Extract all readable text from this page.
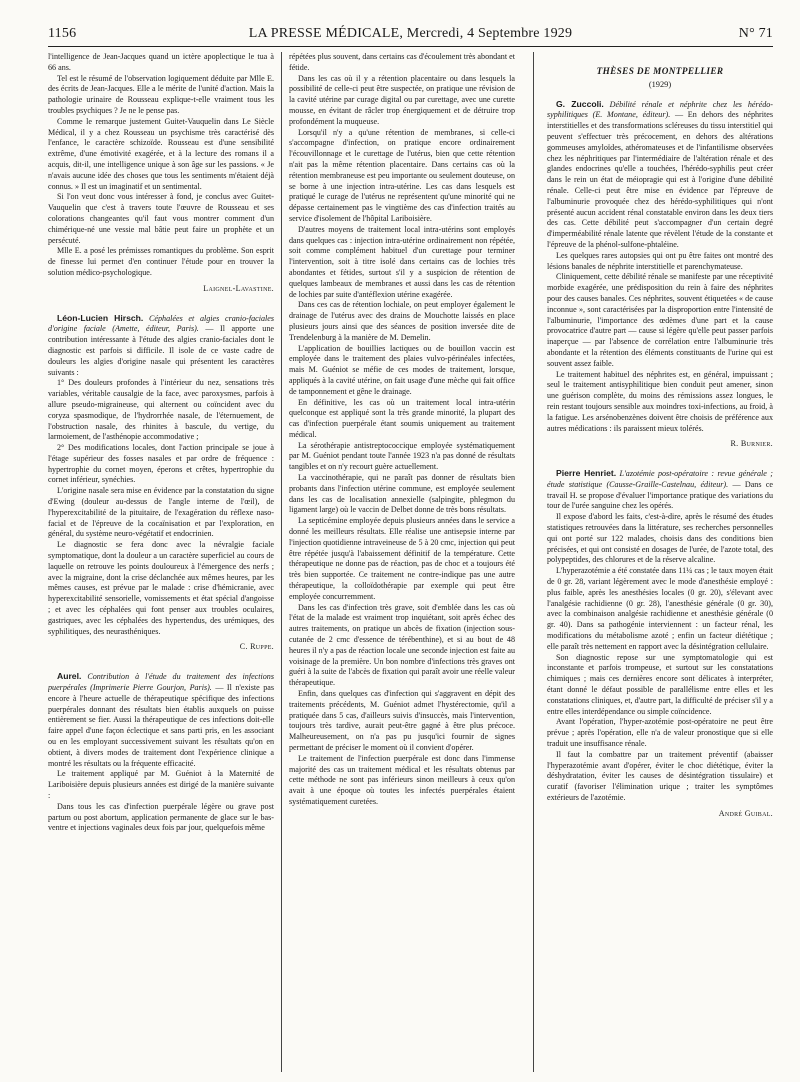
1156	LA PRESSE MÉDICALE, Mercredi, 4 Septembre 1929	N° 71

l'intelligence de Jean-Jacques quand un ictère apoplectique le tua à 66 ans.

Tel est le résumé de l'observation logiquement déduite par Mlle E. des écrits de Jean-Jacques. Elle a le mérite de l'unité d'action. Mais la pathologie urinaire de Rousseau explique-t-elle vraiment tous les troubles psychiques ? Je ne le pense pas.

Comme le remarque justement Guitet-Vauquelin dans Le Siècle Médical, il y a chez Rousseau un psychisme très caractérisé dès l'enfance, le caractère schizoïde. Rousseau est d'une sensibilité extrême, d'une émotivité exagérée, et à la lecture des romans il a acquis, dit-il, une intelligence unique à son âge sur les passions. « Je n'avais aucune idée des choses que tous les sentiments m'étaient déjà connus. » Il est un imaginatif et un sentimental.

Si l'on veut donc vous intéresser à fond, je conclus avec Guitet-Vauquelin que c'est à travers toute l'œuvre de Rousseau et ses colorations changeantes qu'il faut vous montrer comment d'un chimérique-né une vessie mal bâtie peut faire un prophète et un persécuté.

Mlle E. a posé les prémisses romantiques du problème. Son esprit de finesse lui permet d'en continuer l'étude pour en trouver la solution médico-psychologique.

Laignel-Lavastine.

Léon-Lucien Hirsch. Céphalées et algies cranio-faciales d'origine faciale (Amette, éditeur, Paris). — Il apporte une contribution intéressante à l'étude des algies cranio-faciales dont le diagnostic est parfois si difficile. Il isole de ce vaste cadre de douleurs les algies d'origine nasale qui présentent les caractères suivants :

1° Des douleurs profondes à l'intérieur du nez, sensations très variables, véritable causalgie de la face, avec paroxysmes, parfois à allure pseudo-migraineuse, qui alternent ou coïncident avec du coryza spasmodique, de l'hydrorrhée nasale, de l'éternuement, de l'obstruction nasale, des rhinites à bascule, du vertige, du larmoiement, de l'asthénopie accommodative ;

2° Des modifications locales, dont l'action principale se joue à l'étage supérieur des fosses nasales et par ordre de fréquence : hypertrophie du cornet moyen, éperons et crêtes, hypertrophie du cornet inférieur, synéchies.

L'origine nasale sera mise en évidence par la constatation du signe d'Ewing (douleur au-dessus de l'angle interne de l'œil), de l'hyperexcitabilité de la pituitaire, de l'exagération du réflexe naso-facial et de l'épreuve de la cocaïnisation et par l'exploration, en général, du système neuro-végétatif et endocrinien.

Le diagnostic se fera donc avec la névralgie faciale symptomatique, dont la douleur a un caractère superficiel au cours de laquelle on retrouve les points douloureux à l'émergence des nerfs ; avec la migraine, dont la crise déclanchée aux mêmes heures, par les mêmes causes, est prévue par le malade : crise d'hémicranie, avec hyperexcitabilité sensorielle, vomissements et état spécial d'angoisse ; et avec les céphalées qui font penser aux troubles oculaires, gastriques, avec les céphalées des hypertendus, des urémiques, des syphilitiques, des neurasthéniques.

C. Ruppe.

Aurel. Contribution à l'étude du traitement des infections puerpérales (Imprimerie Pierre Gourjon, Paris). — Il n'existe pas encore à l'heure actuelle de thérapeutique spécifique des infections puerpérales donnant des résultats bien établis auxquels on puisse entièrement se fier. Aussi la thérapeutique de ces infections doit-elle faire appel d'une façon éclectique et sans parti pris, en les associant ou en les employant successivement suivant les résultats qu'on en obtient, à divers modes de traitement dont l'expérience clinique a montré les résultats ou la fréquente efficacité.

Le traitement appliqué par M. Guéniot à la Maternité de Lariboisière depuis plusieurs années est dirigé de la manière suivante :

Dans tous les cas d'infection puerpérale légère ou grave post partum ou post abortum, application permanente de glace sur le bas-ventre et injections vaginales deux fois par jour, quelquefois même

répétées plus souvent, dans certains cas d'écoulement très abondant et fétide.

Dans les cas où il y a rétention placentaire ou dans lesquels la possibilité de celle-ci peut être suspectée, on pratique une révision de la cavité utérine par curage digital ou par curettage, avec une curette mousse, en évitant de râcler trop énergiquement et de détruire trop profondément la muqueuse.

Lorsqu'il n'y a qu'une rétention de membranes, si celle-ci s'accompagne d'infection, on pratique encore ordinairement l'écouvillonnage et le curettage de l'utérus, bien que cette rétention n'ait pas la même rétention placentaire. Dans certains cas où la rétention membraneuse est peu importante ou seulement douteuse, on se borne à une injection intra-utérine. Les cas dans lesquels est pratiqué le curage de l'utérus ne représentent qu'une minorité qui ne dépasse certainement pas le vingtième des cas d'infection traités au service d'isolement de l'hôpital Lariboisière.

D'autres moyens de traitement local intra-utérins sont employés dans quelques cas : injection intra-utérine ordinairement non répétée, soit comme complément habituel d'un curettage pour terminer l'intervention, soit à titre isolé dans certains cas de lochies très abondantes et fétides, surtout s'il y a suspicion de rétention de quelques lambeaux de membranes et aussi dans les cas de rétention de lochies par suite d'antéflexion utérine exagérée.

Dans ces cas de rétention lochiale, on peut employer également le drainage de l'utérus avec des drains de Mouchotte laissés en place plusieurs jours ainsi que des séances de position inversée dite de Trendelenburg à la manière de M. Demelin.

L'application de bouillies lactiques ou de bouillon vaccin est employée dans le traitement des plaies vulvo-périnéales infectées, mais M. Guéniot se méfie de ces modes de traitement, lorsque, appliqués à la cavité utérine, on fait usage d'une mèche qui fait office de tamponnement et gêne le drainage.

En définitive, les cas où un traitement local intra-utérin quelconque est appliqué sont la très grande minorité, la plupart des cas d'infection puerpérale étant soumis uniquement au traitement médical.

La sérothérapie antistreptococcique employée systématiquement par M. Guéniot pendant toute l'année 1923 n'a pas donné de résultats tangibles et on n'y recourt guère actuellement.

La vaccinothérapie, qui ne paraît pas donner de résultats bien probants dans l'infection utérine commune, est employée seulement dans les cas de localisation annexielle (salpingite, phlegmon du ligament large) où le vaccin de Delbet donne de très bons résultats.

La septicémine employée depuis plusieurs années dans le service a donné les meilleurs résultats. Elle réalise une antisepsie interne par l'injection quotidienne intraveineuse de 5 à 20 cmc, injection qui peut être répétée jusqu'à l'abaissement définitif de la température. Cette thérapeutique ne donne pas de réaction, pas de choc et a toujours été très bien supportée. Ce traitement ne contre-indique pas une autre thérapeutique, la colloïdothérapie par exemple qui peut être employée concurremment.

Dans les cas d'infection très grave, soit d'emblée dans les cas où l'état de la malade est vraiment trop inquiétant, soit après échec des autres traitements, on pratique un abcès de fixation (injection sous-cutanée de 2 cmc d'essence de térébenthine), et si au bout de 48 heures il n'y a pas de réaction locale une seconde injection est faite au voisinage de la première. Un bon nombre d'infections très graves ont guéri à la suite de l'abcès de fixation qui paraît avoir une réelle valeur thérapeutique.

Enfin, dans quelques cas d'infection qui s'aggravent en dépit des traitements précédents, M. Guéniot admet l'hystérectomie, qu'il a pratiquée dans 5 cas, d'ailleurs suivis d'insuccès, mais l'intervention, toujours très tardive, aurait peut-être gagné à être plus précoce. Malheureusement, on n'a pas pu jusqu'ici fournir de signes permettant de préciser le moment où il convient d'opérer.

Le traitement de l'infection puerpérale est donc dans l'immense majorité des cas un traitement médical et les résultats obtenus par cette méthode ne sont pas inférieurs sinon meilleurs à ceux qu'on avait à une époque où toutes les infectés puerpérales étaient systématiquement curetées.

THÈSES DE MONTPELLIER

(1929)

G. Zuccoli. Débilité rénale et néphrite chez les hérédo-syphilitiques (E. Montane, éditeur). — En dehors des néphrites interstitielles et des transformations scléreuses du tissu interstitiel qui peuvent s'effectuer très précocement, en dehors des altérations gommeuses amyloïdes, athéromateuses et de l'infantilisme observées chez les néphritiques par l'intermédiaire de l'altération rénale et des glandes endocrines qu'elle a touchées, l'hérédo-syphilis peut créer dans le rein un état de méiopragie qui est à l'origine d'une débilité rénale. Celle-ci peut être mise en évidence par l'épreuve de l'albuminurie provoquée chez des hérédo-syphilitiques qui n'ont présenté aucun accident rénal constatable environ dans les deux tiers des cas. Cette débilité peut s'accompagner d'un certain degré d'imperméabilité rénale latente que révèlent l'étude de la constante et l'épreuve de la phénol-sulfone-phtaléine.

Les quelques rares autopsies qui ont pu être faites ont montré des lésions banales de néphrite interstitielle et parenchymateuse.

Cliniquement, cette débilité rénale se manifeste par une réceptivité morbide exagérée, une prédisposition du rein à faire des néphrites pour des causes banales. Ces néphrites, souvent étiquetées « de cause inconnue », sont caractérisées par la disproportion entre l'intensité de l'albuminurie, l'importance des œdèmes d'une part et la cause provocatrice d'autre part — cause si légère qu'elle peut passer parfois inaperçue — par l'absence de corrélation entre l'albuminurie très abondante et la rétention des éléments constituants de l'urine qui est souvent assez faible.

Le traitement habituel des néphrites est, en général, impuissant ; seul le traitement antisyphilitique bien conduit peut amener, sinon une guérison complète, du moins des rémissions assez longues, le rein restant toujours sensible aux moindres toxi-infections, au froid, à la fatigue. Les arsénobenzènes doivent être choisis de préférence aux autres médications : ils paraissent mieux tolérés.

R. Burnier.

Pierre Henriet. L'azotémie post-opératoire : revue générale ; étude statistique (Causse-Graille-Castelnau, éditeur). — Dans ce travail H. se propose d'évaluer l'importance pratique des variations du tour de l'urée sanguine chez les opérés.

Il expose d'abord les faits, c'est-à-dire, après le résumé des études statistiques retrouvées dans la littérature, ses recherches personnelles qui ont porté sur 122 malades, choisis dans des conditions bien précisées, et qui ont consisté en dosages de l'urée, de l'azote total, des polypeptides, des chlorures et de la réserve alcaline.

L'hyperazotémie a été constatée dans 11¼ cas ; le taux moyen était de 0 gr. 28, variant légèrement avec le mode d'anesthésie employé : plus faible, après les anesthésies locales (0 gr. 20), s'élevant avec l'analgésie rachidienne (0 gr. 28), l'anesthésie générale (0 gr. 30), avec la combinaison analgésie rachidienne et anesthésie générale (0 gr. 40). Dans sa pathogénie interviennent : un facteur rénal, les modifications du métabolisme azoté ; enfin un facteur diététique ; elle paraît très nettement en rapport avec la désintégration cellulaire.

Son diagnostic repose sur une symptomatologie qui est inconstante et parfois trompeuse, et surtout sur les constatations chimiques ; mais ces dernières encore sont délicates à interpréter, étant donné le défaut possible de parallélisme entre elles et les constatations cliniques, et, d'autre part, la difficulté de préciser s'il y a entre elles interdépendance ou simple coïncidence.

Avant l'opération, l'hyper-azotémie post-opératoire ne peut être prévue ; après l'opération, elle n'a de valeur pronostique que si elle traduit une insuffisance rénale.

Il faut la combattre par un traitement préventif (abaisser l'hyperazotémie avant d'opérer, éviter le choc diététique, éviter la déshydratation, éviter les causes de désintégration tissulaire) et curatif (favoriser l'élimination urique ; traiter les symptômes extérieurs de l'azotémie.

André Guibal.
